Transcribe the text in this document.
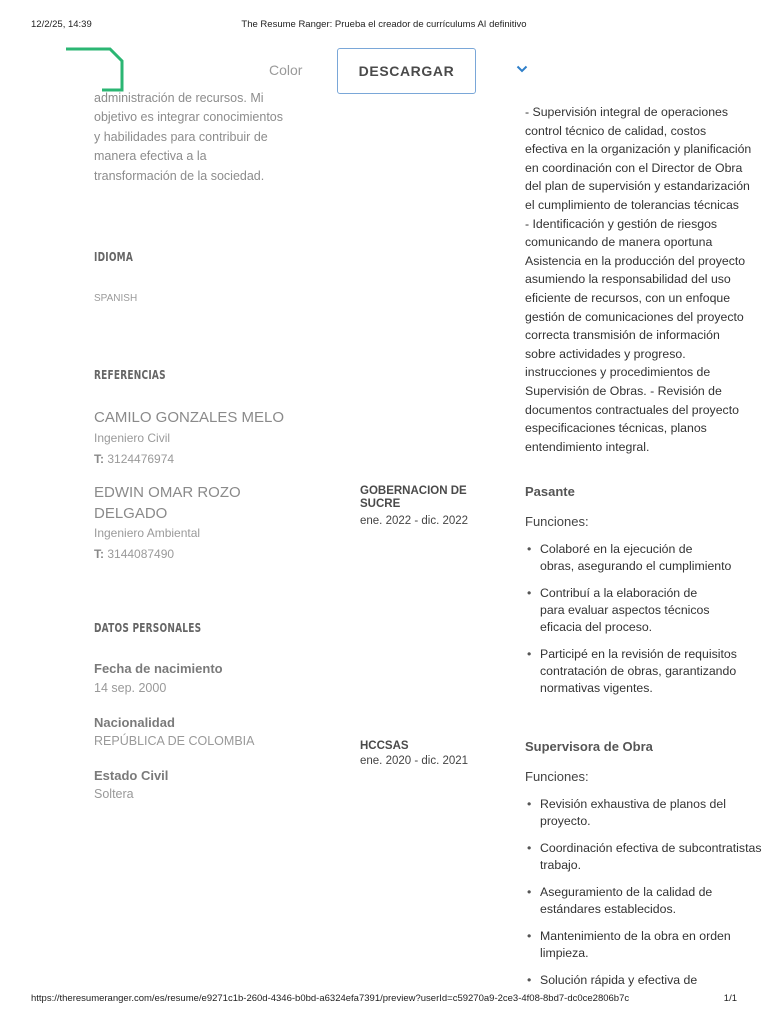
12/2/25, 14:39	The Resume Ranger: Prueba el creador de currículums AI definitivo
Color	DESCARGAR
administración de recursos. Mi
objetivo es integrar conocimientos
y habilidades para contribuir de
manera efectiva a la
transformación de la sociedad.
IDIOMA
SPANISH
REFERENCIAS
CAMILO GONZALES MELO
Ingeniero Civil
T: 3124476974
EDWIN OMAR ROZO DELGADO
Ingeniero Ambiental
T: 3144087490
DATOS PERSONALES
Fecha de nacimiento
14 sep. 2000
Nacionalidad
REPÚBLICA DE COLOMBIA
Estado Civil
Soltera
- Supervisión integral de operaciones
control técnico de calidad, costos
efectiva en la organización y planificación
en coordinación con el Director de Obra
del plan de supervisión y estandarización
el cumplimiento de tolerancias técnicas
- Identificación y gestión de riesgos
comunicando de manera oportuna
Asistencia en la producción del proyecto
asumiendo la responsabilidad del uso
eficiente de recursos, con un enfoque
gestión de comunicaciones del proyecto
correcta transmisión de información
sobre actividades y progreso.
instrucciones y procedimientos de
Supervisión de Obras. - Revisión de
documentos contractuales del proyecto
especificaciones técnicas, planos
entendimiento integral.
GOBERNACION DE SUCRE
ene. 2022 - dic. 2022
Pasante
Funciones:
• Colaboré en la ejecución de
obras, asegurando el cumplimiento
• Contribuí a la elaboración de
para evaluar aspectos técnicos
eficacia del proceso.
• Participé en la revisión de requisitos
contratación de obras, garantizando
normativas vigentes.
HCCSAS
ene. 2020 - dic. 2021
Supervisora de Obra
Funciones:
• Revisión exhaustiva de planos del
proyecto.
• Coordinación efectiva de subcontratistas
trabajo.
• Aseguramiento de la calidad de
estándares establecidos.
• Mantenimiento de la obra en orden
limpieza.
• Solución rápida y efectiva de
https://theresumeranger.com/es/resume/e9271c1b-260d-4346-b0bd-a6324efa7391/preview?userId=c59270a9-2ce3-4f08-8bd7-dc0ce2806b7c	1/1
